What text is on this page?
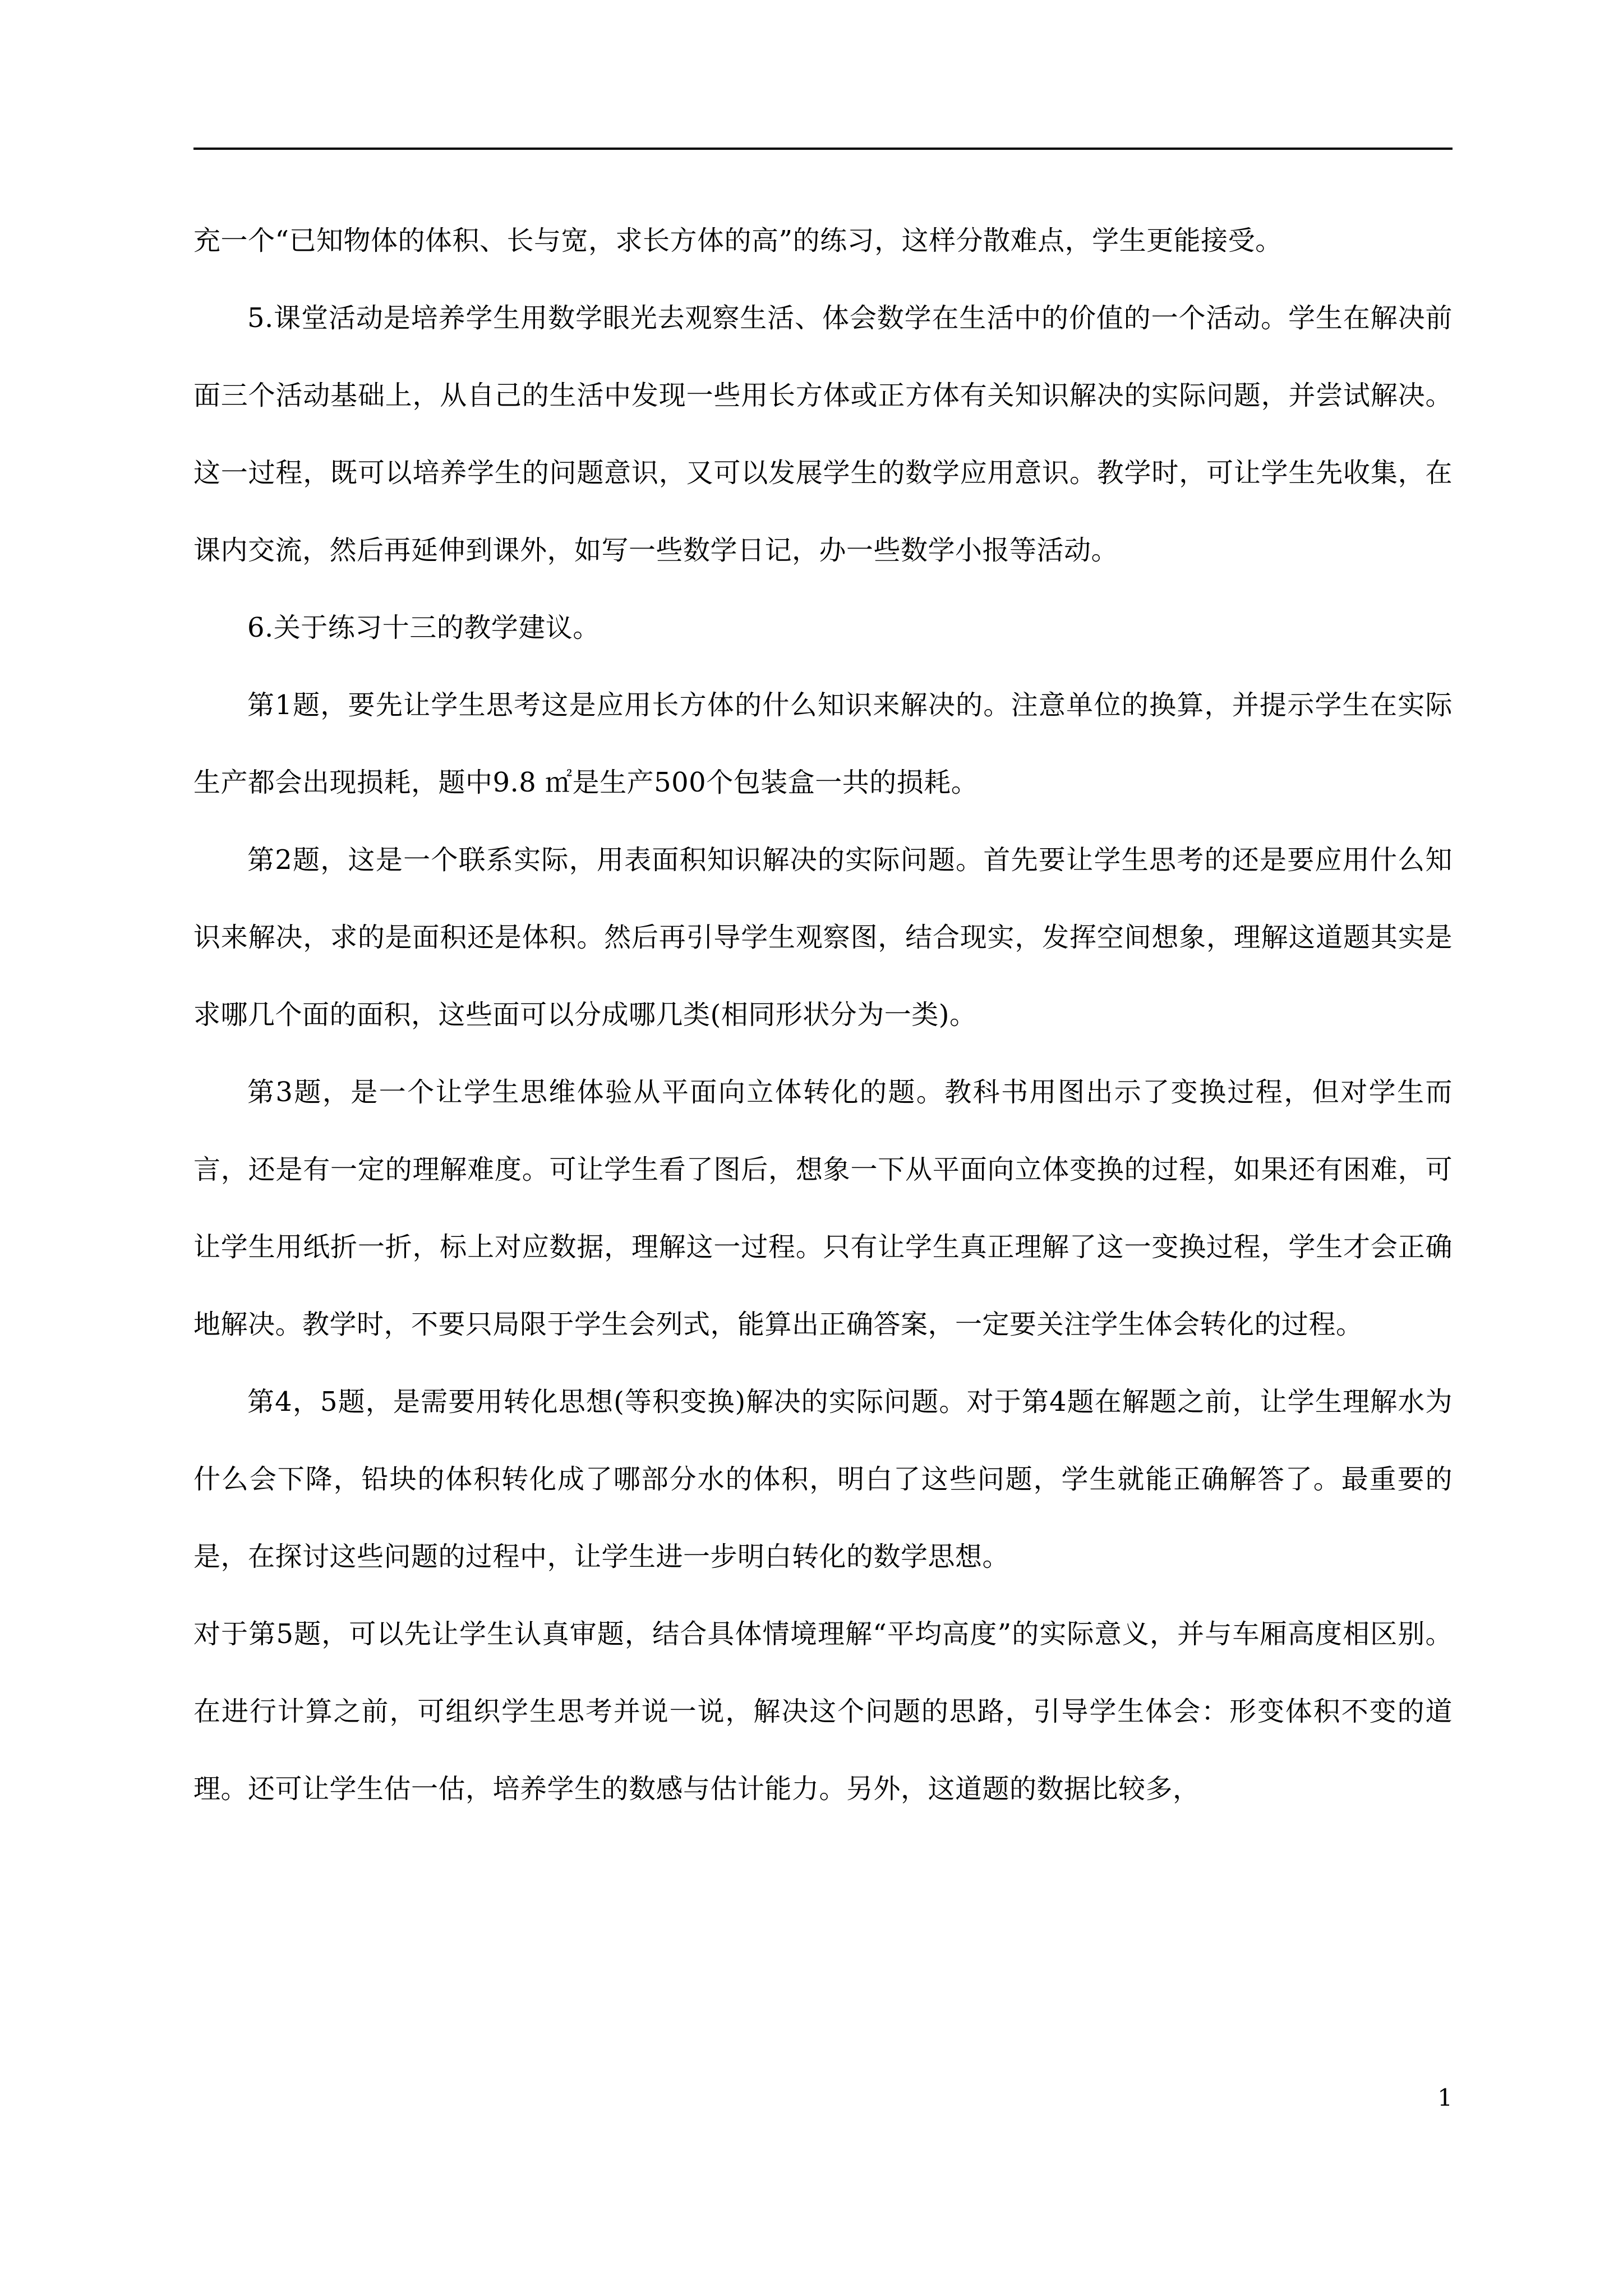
充一个“已知物体的体积、长与宽，求长方体的高”的练习，这样分散难点，学生更能接受。

5.课堂活动是培养学生用数学眼光去观察生活、体会数学在生活中的价值的一个活动。学生在解决前面三个活动基础上，从自己的生活中发现一些用长方体或正方体有关知识解决的实际问题，并尝试解决。这一过程，既可以培养学生的问题意识，又可以发展学生的数学应用意识。教学时，可让学生先收集，在课内交流，然后再延伸到课外，如写一些数学日记，办一些数学小报等活动。

6.关于练习十三的教学建议。

第1题，要先让学生思考这是应用长方体的什么知识来解决的。注意单位的换算，并提示学生在实际生产都会出现损耗，题中9.8 ㎡是生产500个包装盒一共的损耗。

第2题，这是一个联系实际，用表面积知识解决的实际问题。首先要让学生思考的还是要应用什么知识来解决，求的是面积还是体积。然后再引导学生观察图，结合现实，发挥空间想象，理解这道题其实是求哪几个面的面积，这些面可以分成哪几类(相同形状分为一类)。

第3题，是一个让学生思维体验从平面向立体转化的题。教科书用图出示了变换过程，但对学生而言，还是有一定的理解难度。可让学生看了图后，想象一下从平面向立体变换的过程，如果还有困难，可让学生用纸折一折，标上对应数据，理解这一过程。只有让学生真正理解了这一变换过程，学生才会正确地解决。教学时，不要只局限于学生会列式，能算出正确答案，一定要关注学生体会转化的过程。

第4，5题，是需要用转化思想(等积变换)解决的实际问题。对于第4题在解题之前，让学生理解水为什么会下降，铅块的体积转化成了哪部分水的体积，明白了这些问题，学生就能正确解答了。最重要的是，在探讨这些问题的过程中，让学生进一步明白转化的数学思想。

对于第5题，可以先让学生认真审题，结合具体情境理解“平均高度”的实际意义，并与车厢高度相区别。在进行计算之前，可组织学生思考并说一说，解决这个问题的思路，引导学生体会：形变体积不变的道理。还可让学生估一估，培养学生的数感与估计能力。另外，这道题的数据比较多，

1
